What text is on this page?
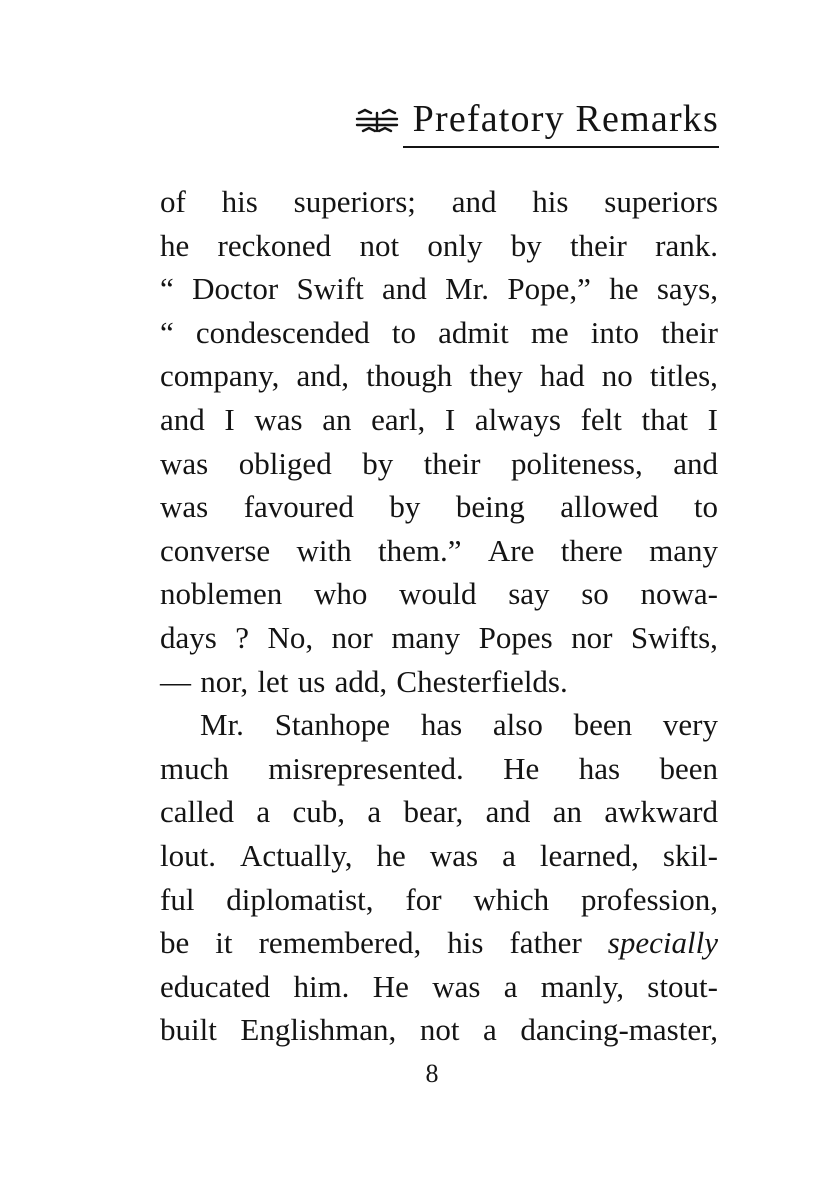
Prefatory Remarks
of his superiors; and his superiors
he reckoned not only by their rank.
“ Doctor Swift and Mr. Pope,” he says,
“ condescended to admit me into their
company, and, though they had no titles,
and I was an earl, I always felt that I
was obliged by their politeness, and
was favoured by being allowed to
converse with them.” Are there many
noblemen who would say so nowa-
days ? No, nor many Popes nor Swifts,
— nor, let us add, Chesterfields.
Mr. Stanhope has also been very
much misrepresented. He has been
called a cub, a bear, and an awkward
lout. Actually, he was a learned, skil-
ful diplomatist, for which profession,
be it remembered, his father specially
educated him. He was a manly, stout-
built Englishman, not a dancing-master,
8
